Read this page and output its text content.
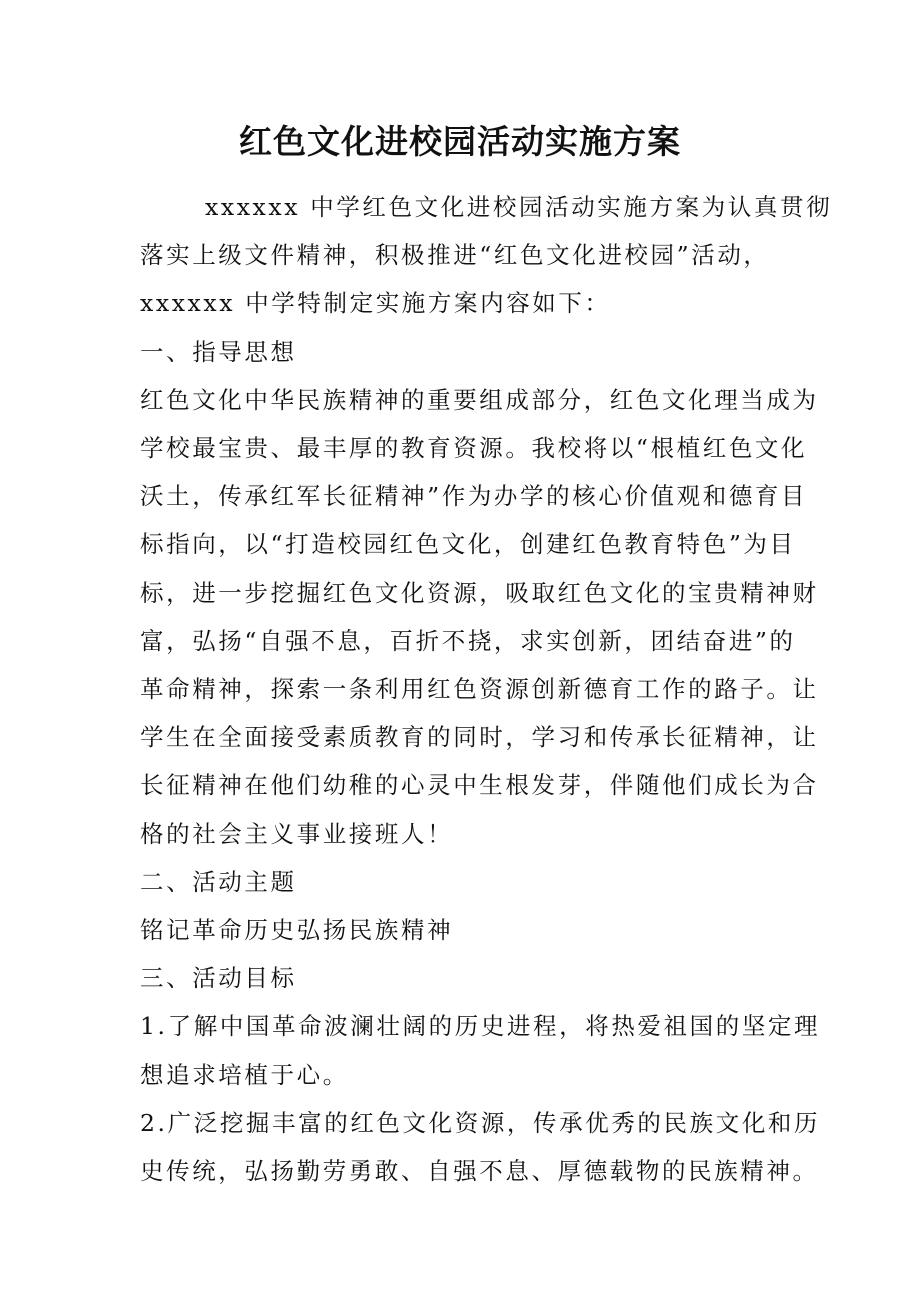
红色文化进校园活动实施方案

xxxxxx 中学红色文化进校园活动实施方案为认真贯彻

落实上级文件精神，积极推进“红色文化进校园”活动，

xxxxxx 中学特制定实施方案内容如下：

一、指导思想

红色文化中华民族精神的重要组成部分，红色文化理当成为

学校最宝贵、最丰厚的教育资源。我校将以“根植红色文化

沃土，传承红军长征精神”作为办学的核心价值观和德育目

标指向，以“打造校园红色文化，创建红色教育特色”为目

标，进一步挖掘红色文化资源，吸取红色文化的宝贵精神财

富，弘扬“自强不息，百折不挠，求实创新，团结奋进”的

革命精神，探索一条利用红色资源创新德育工作的路子。让

学生在全面接受素质教育的同时，学习和传承长征精神，让

长征精神在他们幼稚的心灵中生根发芽，伴随他们成长为合

格的社会主义事业接班人！

二、活动主题

铭记革命历史弘扬民族精神

三、活动目标

1.了解中国革命波澜壮阔的历史进程，将热爱祖国的坚定理

想追求培植于心。

2.广泛挖掘丰富的红色文化资源，传承优秀的民族文化和历

史传统，弘扬勤劳勇敢、自强不息、厚德载物的民族精神。
